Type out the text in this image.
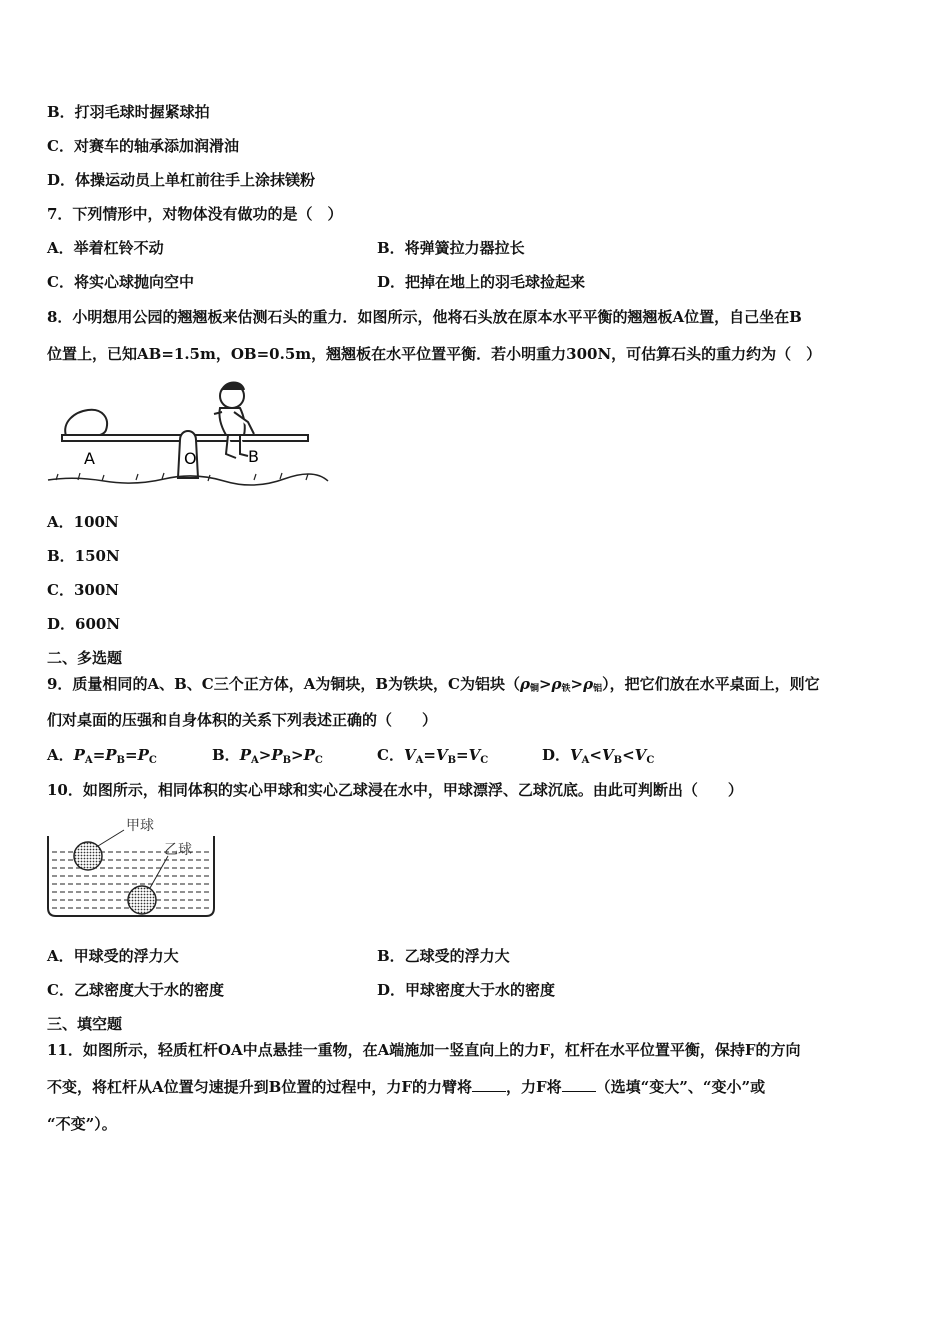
B．打羽毛球时握紧球拍
C．对赛车的轴承添加润滑油
D．体操运动员上单杠前往手上涂抹镁粉
7．下列情形中，对物体没有做功的是（　）
A．举着杠铃不动	B．将弹簧拉力器拉长
C．将实心球抛向空中	D．把掉在地上的羽毛球捡起来
8．小明想用公园的翘翘板来估测石头的重力．如图所示，他将石头放在原本水平平衡的翘翘板A位置，自己坐在B
位置上，已知AB=1.5m，OB=0.5m，翘翘板在水平位置平衡．若小明重力300N，可估算石头的重力约为（　）
A	O	B
A．100N
B．150N
C．300N
D．600N
二、多选题
9．质量相同的A、B、C三个正方体，A为铜块，B为铁块，C为铝块（ρ铜>ρ铁>ρ铝），把它们放在水平桌面上，则它
们对桌面的压强和自身体积的关系下列表述正确的（　　）
A．$P_A=P_B=P_C$	B．$P_A>P_B>P_C$	C．$V_A=V_B=V_C$	D．$V_A<V_B<V_C$
10．如图所示，相同体积的实心甲球和实心乙球浸在水中，甲球漂浮、乙球沉底。由此可判断出（　　）
甲球
乙球
A．甲球受的浮力大	B．乙球受的浮力大
C．乙球密度大于水的密度	D．甲球密度大于水的密度
三、填空题
11．如图所示，轻质杠杆OA中点悬挂一重物，在A端施加一竖直向上的力F，杠杆在水平位置平衡，保持F的方向
不变，将杠杆从A位置匀速提升到B位置的过程中，力F的力臂将 ，力F将 （选填“变大”、“变小”或
“不变”）。
